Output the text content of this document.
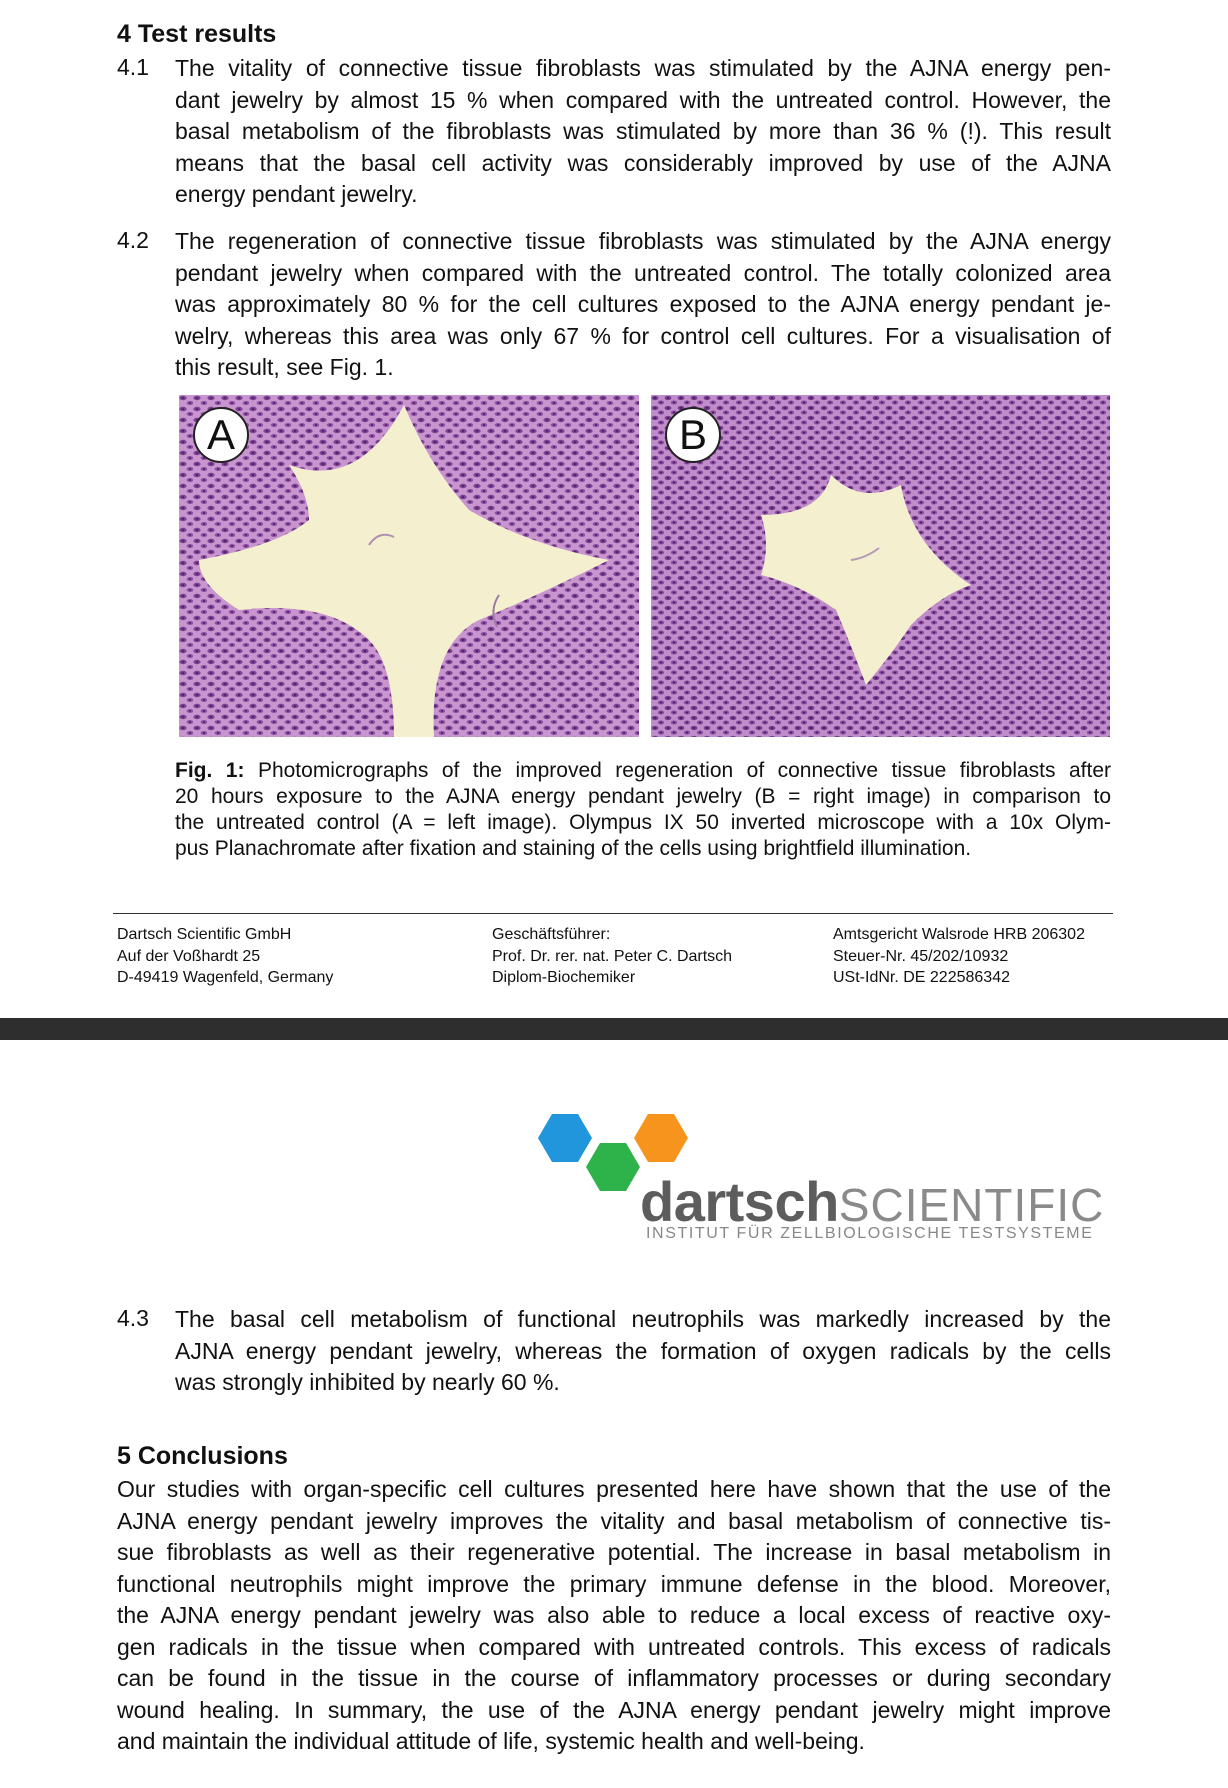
4 Test results
4.1 The vitality of connective tissue fibroblasts was stimulated by the AJNA energy pen-
dant jewelry by almost 15 % when compared with the untreated control. However, the
basal metabolism of the fibroblasts was stimulated by more than 36 % (!). This result
means that the basal cell activity was considerably improved by use of the AJNA
energy pendant jewelry.
4.2 The regeneration of connective tissue fibroblasts was stimulated by the AJNA energy
pendant jewelry when compared with the untreated control. The totally colonized area
was approximately 80 % for the cell cultures exposed to the AJNA energy pendant je-
welry, whereas this area was only 67 % for control cell cultures. For a visualisation of
this result, see Fig. 1.
A	B
Fig. 1: Photomicrographs of the improved regeneration of connective tissue fibroblasts after
20 hours exposure to the AJNA energy pendant jewelry (B = right image) in comparison to
the untreated control (A = left image). Olympus IX 50 inverted microscope with a 10x Olym-
pus Planachromate after fixation and staining of the cells using brightfield illumination.
Dartsch Scientific GmbH
Auf der Voßhardt 25
D-49419 Wagenfeld, Germany
Geschäftsführer:
Prof. Dr. rer. nat. Peter C. Dartsch
Diplom-Biochemiker
Amtsgericht Walsrode HRB 206302
Steuer-Nr. 45/202/10932
USt-IdNr. DE 222586342
dartschSCIENTIFIC
INSTITUT FÜR ZELLBIOLOGISCHE TESTSYSTEME
4.3 The basal cell metabolism of functional neutrophils was markedly increased by the
AJNA energy pendant jewelry, whereas the formation of oxygen radicals by the cells
was strongly inhibited by nearly 60 %.
5 Conclusions
Our studies with organ-specific cell cultures presented here have shown that the use of the
AJNA energy pendant jewelry improves the vitality and basal metabolism of connective tis-
sue fibroblasts as well as their regenerative potential. The increase in basal metabolism in
functional neutrophils might improve the primary immune defense in the blood. Moreover,
the AJNA energy pendant jewelry was also able to reduce a local excess of reactive oxy-
gen radicals in the tissue when compared with untreated controls. This excess of radicals
can be found in the tissue in the course of inflammatory processes or during secondary
wound healing. In summary, the use of the AJNA energy pendant jewelry might improve
and maintain the individual attitude of life, systemic health and well-being.
